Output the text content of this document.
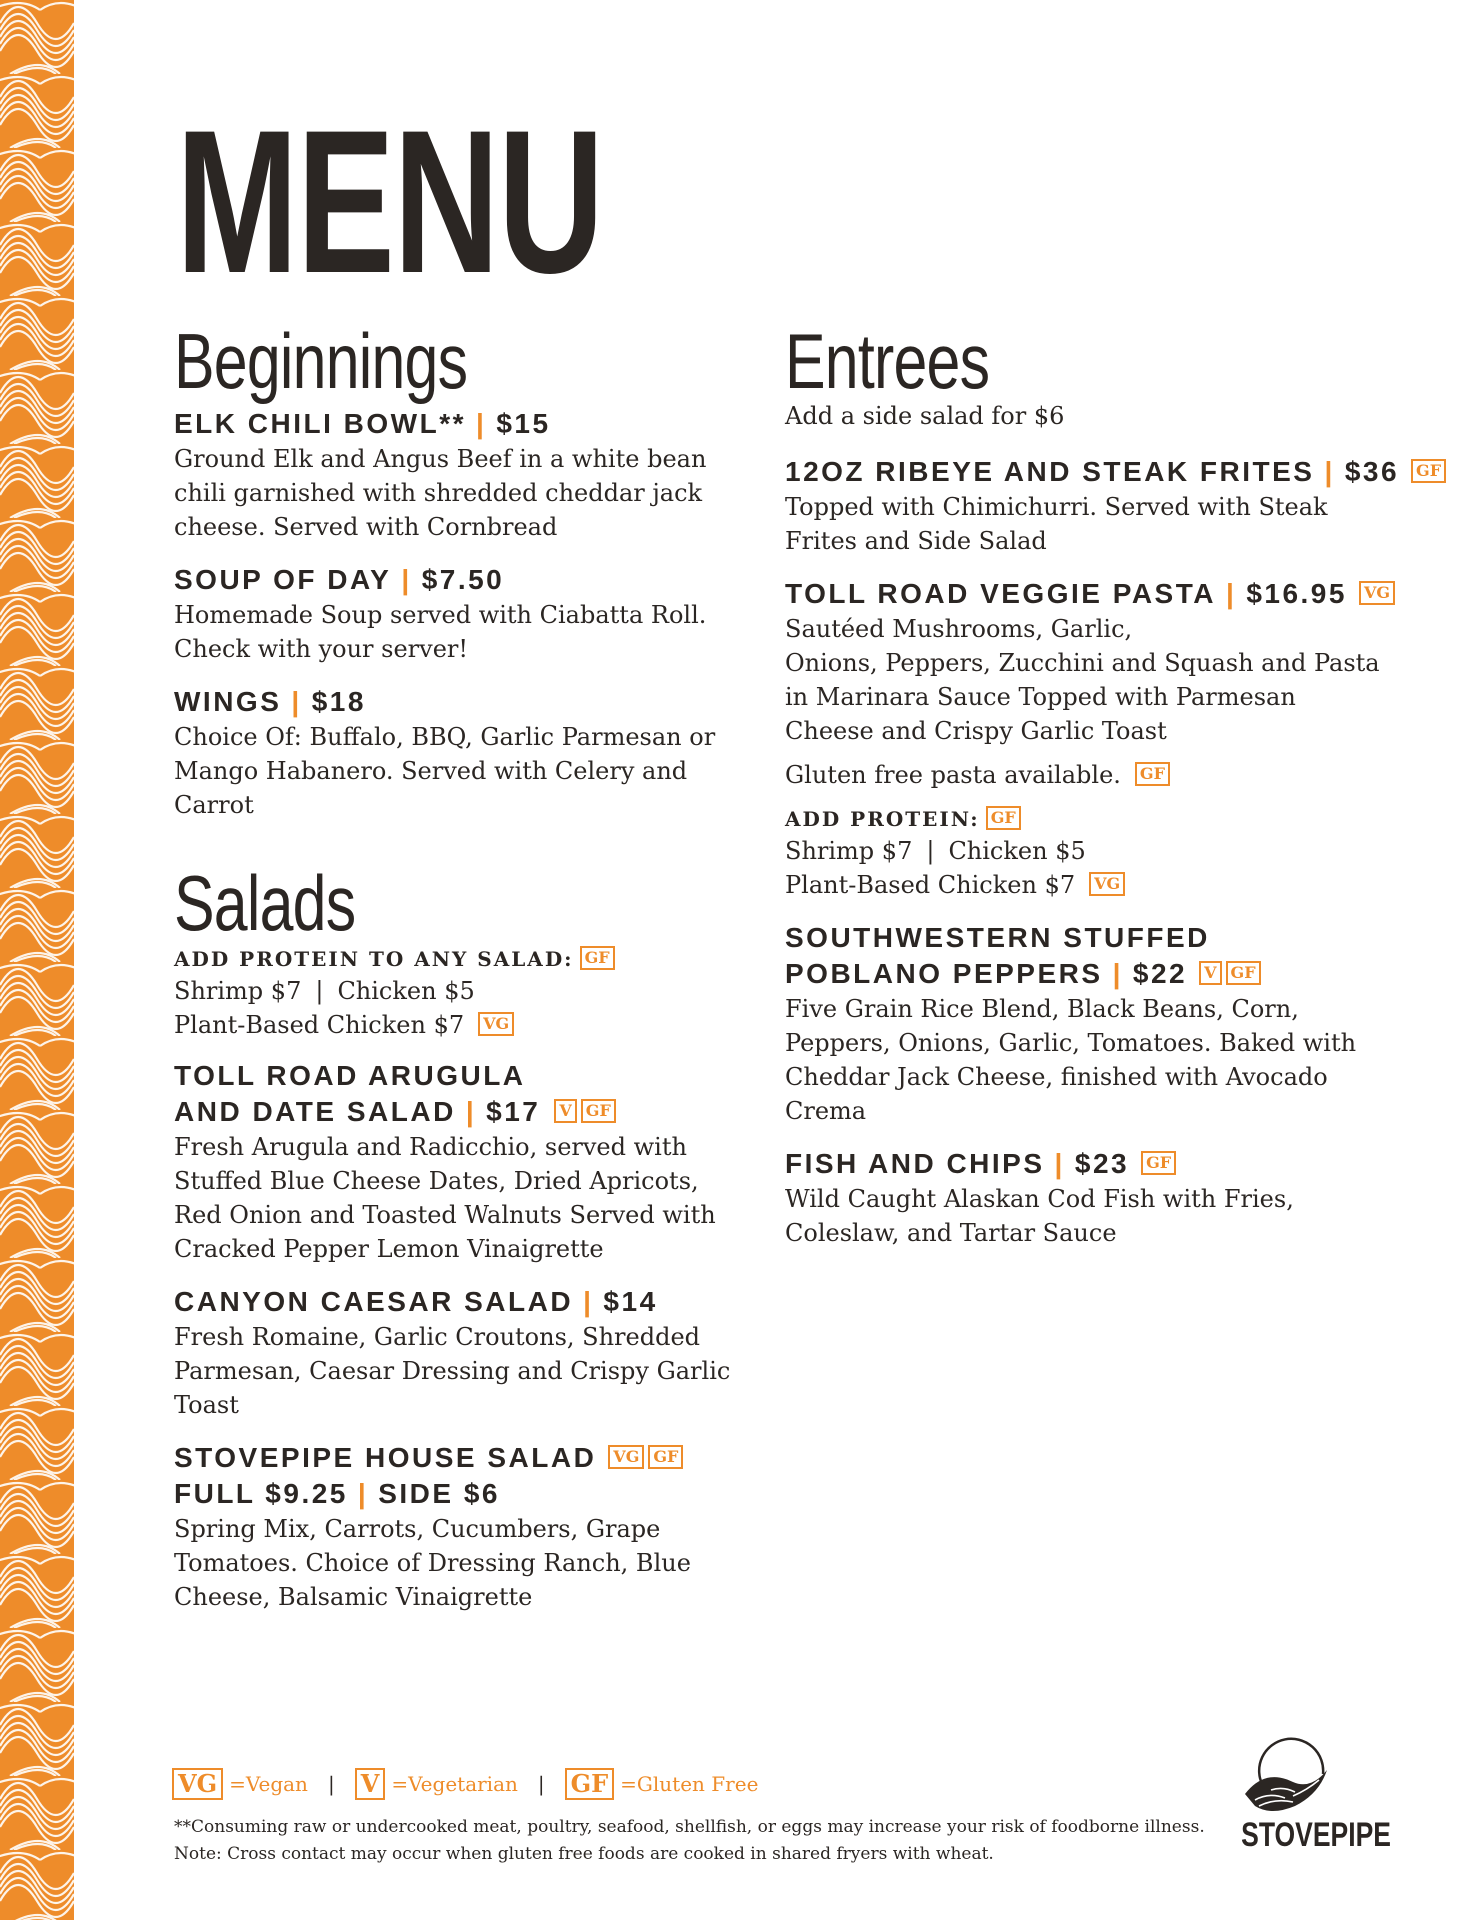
MENU
Beginnings
ELK CHILI BOWL** | $15
Ground Elk and Angus Beef in a white bean chili garnished with shredded cheddar jack cheese. Served with Cornbread
SOUP OF DAY | $7.50
Homemade Soup served with Ciabatta Roll. Check with your server!
WINGS | $18
Choice Of: Buffalo, BBQ, Garlic Parmesan or Mango Habanero. Served with Celery and Carrot
Salads
ADD PROTEIN TO ANY SALAD: GF
Shrimp $7 | Chicken $5
Plant-Based Chicken $7 VG
TOLL ROAD ARUGULA
AND DATE SALAD | $17 V GF
Fresh Arugula and Radicchio, served with Stuffed Blue Cheese Dates, Dried Apricots, Red Onion and Toasted Walnuts Served with Cracked Pepper Lemon Vinaigrette
CANYON CAESAR SALAD | $14
Fresh Romaine, Garlic Croutons, Shredded Parmesan, Caesar Dressing and Crispy Garlic Toast
STOVEPIPE HOUSE SALAD VG GF
FULL $9.25 | SIDE $6
Spring Mix, Carrots, Cucumbers, Grape Tomatoes. Choice of Dressing Ranch, Blue Cheese, Balsamic Vinaigrette
Entrees
Add a side salad for $6
12OZ RIBEYE AND STEAK FRITES | $36 GF
Topped with Chimichurri. Served with Steak Frites and Side Salad
TOLL ROAD VEGGIE PASTA | $16.95 VG
Sautéed Mushrooms, Garlic,
Onions, Peppers, Zucchini and Squash and Pasta in Marinara Sauce Topped with Parmesan Cheese and Crispy Garlic Toast
Gluten free pasta available. GF
ADD PROTEIN: GF
Shrimp $7 | Chicken $5
Plant-Based Chicken $7 VG
SOUTHWESTERN STUFFED
POBLANO PEPPERS | $22 V GF
Five Grain Rice Blend, Black Beans, Corn, Peppers, Onions, Garlic, Tomatoes. Baked with Cheddar Jack Cheese, finished with Avocado Crema
FISH AND CHIPS | $23 GF
Wild Caught Alaskan Cod Fish with Fries, Coleslaw, and Tartar Sauce
VG =Vegan | V =Vegetarian | GF =Gluten Free
**Consuming raw or undercooked meat, poultry, seafood, shellfish, or eggs may increase your risk of foodborne illness.
Note: Cross contact may occur when gluten free foods are cooked in shared fryers with wheat.	STOVEPIPE
